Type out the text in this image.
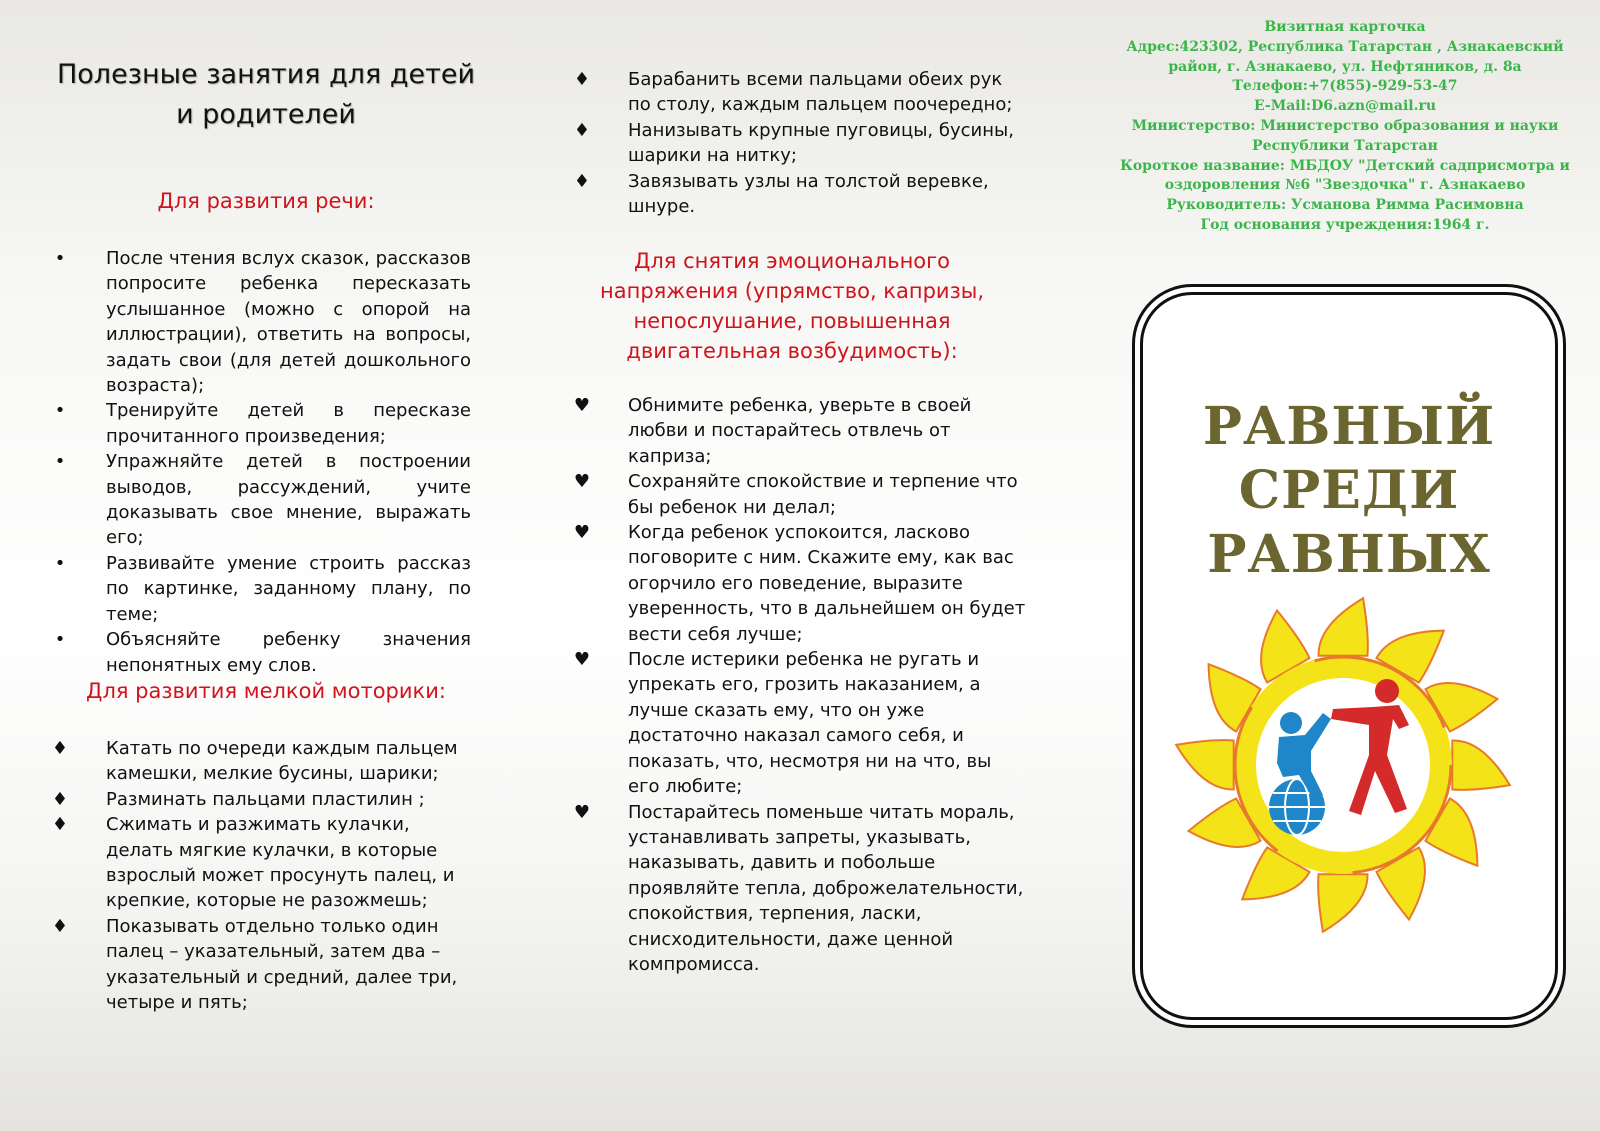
Полезные занятия для детей
и родителей
Для развития речи:
• После чтения вслух сказок, рассказов попросите ребенка пересказать услышанное (можно с опорой на иллюстрации), ответить на вопросы, задать свои (для детей дошкольного возраста);
• Тренируйте детей в пересказе прочитанного произведения;
• Упражняйте детей в построении выводов, рассуждений, учите доказывать свое мнение, выражать его;
• Развивайте умение строить рассказ по картинке, заданному плану, по теме;
• Объясняйте ребенку значения непонятных ему слов.
Для развития мелкой моторики:
♦ Катать по очереди каждым пальцем камешки, мелкие бусины, шарики;
♦ Разминать пальцами пластилин ;
♦ Сжимать и разжимать кулачки, делать мягкие кулачки, в которые взрослый может просунуть палец, и крепкие, которые не разожмешь;
♦ Показывать отдельно только один палец – указательный, затем два – указательный и средний, далее три, четыре и пять;
♦ Барабанить всеми пальцами обеих рук по столу, каждым пальцем поочередно;
♦ Нанизывать крупные пуговицы, бусины, шарики на нитку;
♦ Завязывать узлы на толстой веревке, шнуре.
Для снятия эмоционального напряжения (упрямство, капризы, непослушание, повышенная двигательная возбудимость):
♥ Обнимите ребенка, уверьте в своей любви и постарайтесь отвлечь от каприза;
♥ Сохраняйте спокойствие и терпение что бы ребенок ни делал;
♥ Когда ребенок успокоится, ласково поговорите с ним. Скажите ему, как вас огорчило его поведение, выразите уверенность, что в дальнейшем он будет вести себя лучше;
♥ После истерики ребенка не ругать и упрекать его, грозить наказанием, а лучше сказать ему, что он уже достаточно наказал самого себя, и показать, что, несмотря ни на что, вы его любите;
♥ Постарайтесь поменьше читать мораль, устанавливать запреты, указывать, наказывать, давить и побольше проявляйте тепла, доброжелательности, спокойствия, терпения, ласки, снисходительности, даже ценной компромисса.
Визитная карточка
Адрес:423302, Республика Татарстан , Азнакаевский
район, г. Азнакаево, ул. Нефтяников, д. 8а
Телефон:+7(855)-929-53-47
E-Mail:D6.azn@mail.ru
Министерство: Министерство образования и науки
Республики Татарстан
Короткое название: МБДОУ "Детский садприсмотра и
оздоровления №6 "Звездочка" г. Азнакаево
Руководитель: Усманова Римма Расимовна
Год основания учреждения:1964 г.
РАВНЫЙ
СРЕДИ
РАВНЫХ
